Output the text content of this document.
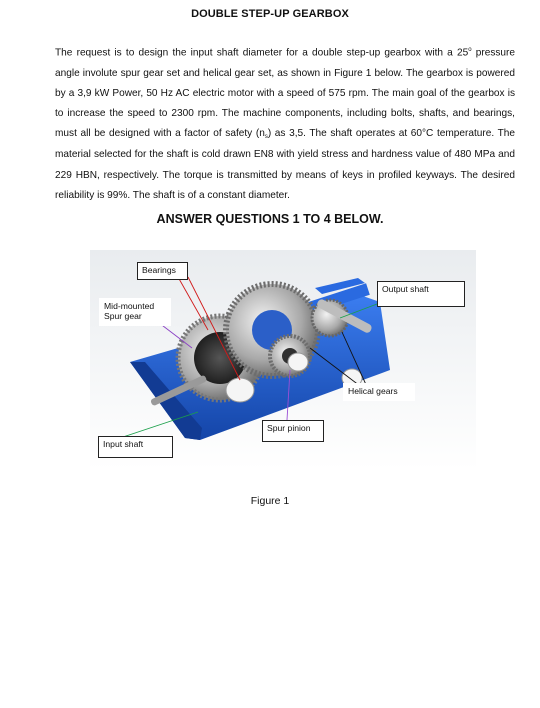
DOUBLE STEP-UP GEARBOX
The request is to design the input shaft diameter for a double step-up gearbox with a 25$^o$ pressure angle involute spur gear set and helical gear set, as shown in Figure 1 below. The gearbox is powered by a 3,9 kW Power, 50 Hz AC electric motor with a speed of 575 rpm. The main goal of the gearbox is to increase the speed to 2300 rpm. The machine components, including bolts, shafts, and bearings, must all be designed with a factor of safety $(n_s)$ as 3,5. The shaft operates at 60°C temperature. The material selected for the shaft is cold drawn EN8 with yield stress and hardness value of 480 MPa and 229 HBN, respectively. The torque is transmitted by means of keys in profiled keyways. The desired reliability is 99%. The shaft is of a constant diameter.
ANSWER QUESTIONS 1 TO 4 BELOW.
Bearings
Output shaft
Mid-mounted
Spur gear
Helical gears
Spur pinion
Input shaft
Figure 1
